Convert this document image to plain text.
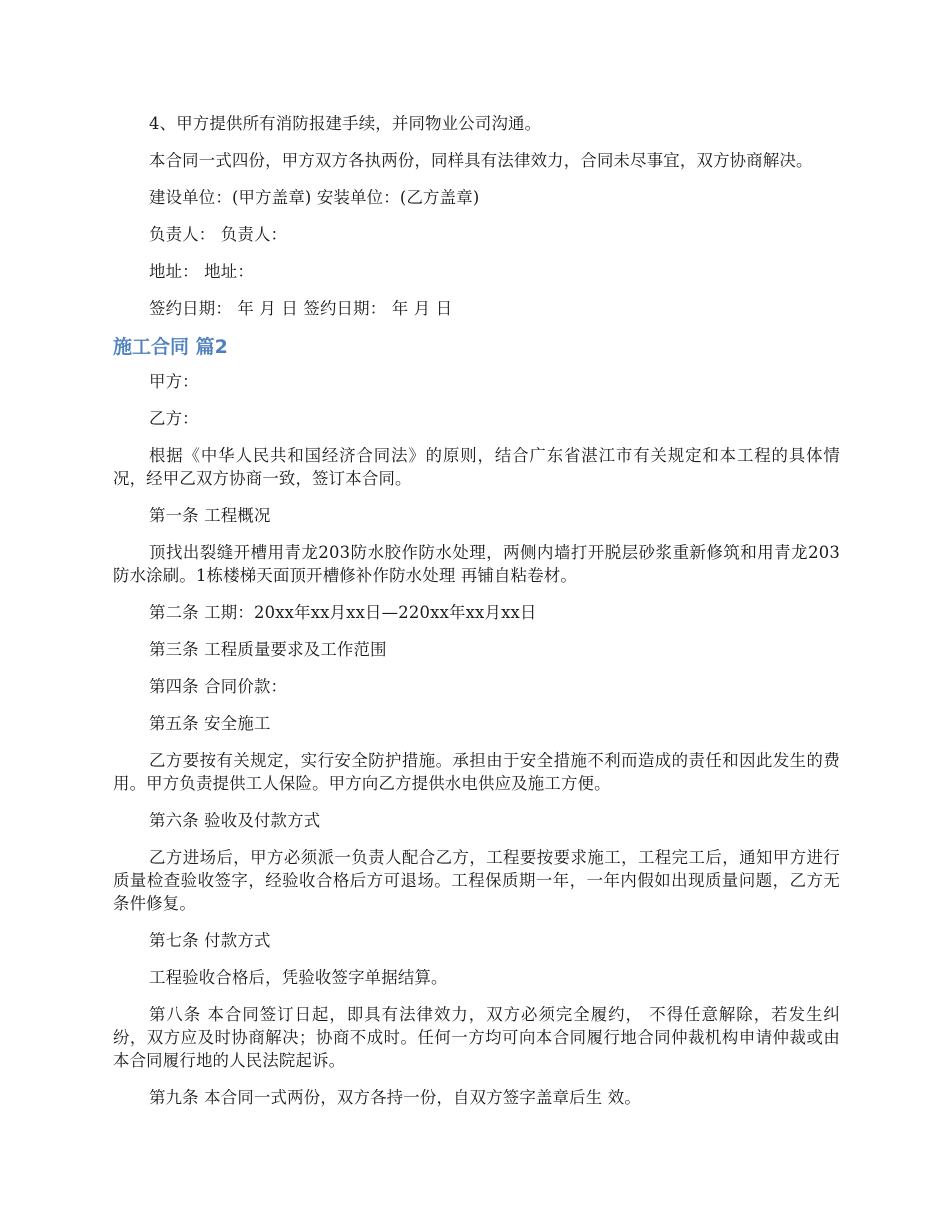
4、甲方提供所有消防报建手续，并同物业公司沟通。

本合同一式四份，甲方双方各执两份，同样具有法律效力，合同未尽事宜，双方协商解决。

建设单位：(甲方盖章) 安装单位：(乙方盖章)

负责人： 负责人：

地址： 地址：

签约日期： 年 月 日 签约日期： 年 月 日

施工合同 篇2

甲方：

乙方：

根据《中华人民共和国经济合同法》的原则，结合广东省湛江市有关规定和本工程的具体情况，经甲乙双方协商一致，签订本合同。

第一条 工程概况

顶找出裂缝开槽用青龙203防水胶作防水处理，两侧内墙打开脱层砂浆重新修筑和用青龙203防水涂刷。1栋楼梯天面顶开槽修补作防水处理 再铺自粘卷材。

第二条 工期：20xx年xx月xx日—220xx年xx月xx日

第三条 工程质量要求及工作范围

第四条 合同价款：

第五条 安全施工

乙方要按有关规定，实行安全防护措施。承担由于安全措施不利而造成的责任和因此发生的费用。甲方负责提供工人保险。甲方向乙方提供水电供应及施工方便。

第六条 验收及付款方式

乙方进场后，甲方必须派一负责人配合乙方，工程要按要求施工，工程完工后，通知甲方进行质量检查验收签字，经验收合格后方可退场。工程保质期一年，一年内假如出现质量问题，乙方无条件修复。

第七条 付款方式

工程验收合格后，凭验收签字单据结算。

第八条 本合同签订日起，即具有法律效力，双方必须完全履约， 不得任意解除，若发生纠纷，双方应及时协商解决；协商不成时。任何一方均可向本合同履行地合同仲裁机构申请仲裁或由本合同履行地的人民法院起诉。

第九条 本合同一式两份，双方各持一份，自双方签字盖章后生 效。
